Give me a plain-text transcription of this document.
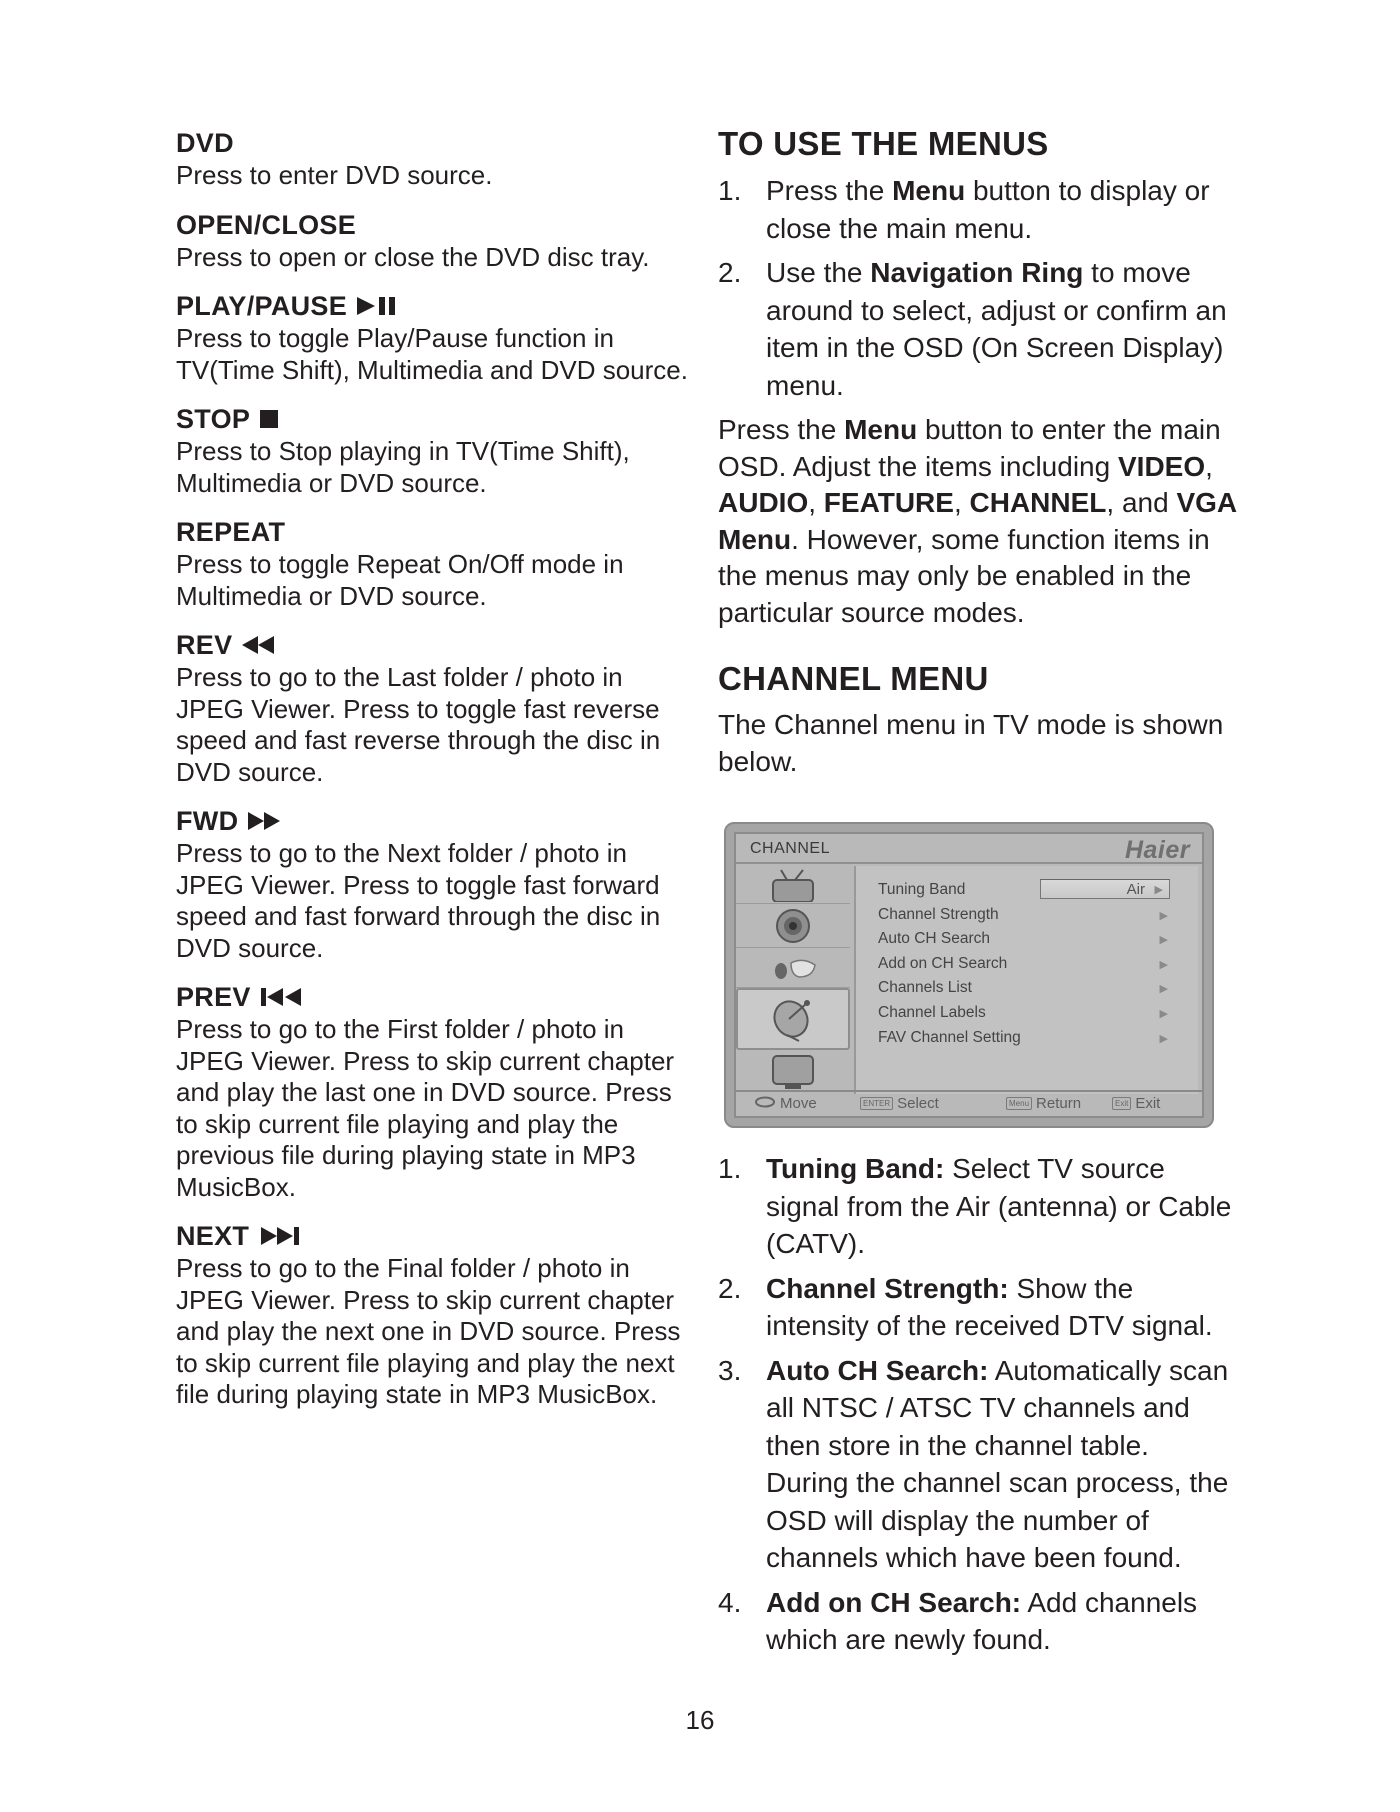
DVD
Press to enter DVD source.
OPEN/CLOSE
Press to open or close the DVD disc tray.
PLAY/PAUSE
Press to toggle Play/Pause function in TV(Time Shift), Multimedia and DVD source.
STOP
Press to Stop playing in TV(Time Shift), Multimedia or DVD source.
REPEAT
Press to toggle Repeat On/Off mode in Multimedia or DVD source.
REV
Press to go to the Last folder / photo in JPEG Viewer. Press to toggle fast reverse speed and fast reverse through the disc in DVD source.
FWD
Press to go to the Next folder / photo in JPEG Viewer. Press to toggle fast forward speed and fast forward through the disc in DVD source.
PREV
Press to go to the First folder / photo in JPEG Viewer. Press to skip current chapter and play the last one in DVD source. Press to skip current file playing and play the previous file during playing state in MP3 MusicBox.
NEXT
Press to go to the Final folder / photo in JPEG Viewer. Press to skip current chapter and play the next one in DVD source. Press to skip current file playing and play the next file during playing state in MP3 MusicBox.
TO USE THE MENUS
1. Press the Menu button to display or close the main menu.
2. Use the Navigation Ring to move around to select, adjust or confirm an item in the OSD (On Screen Display) menu.

Press the Menu button to enter the main OSD. Adjust the items including VIDEO, AUDIO, FEATURE, CHANNEL, and VGA Menu. However, some function items in the menus may only be enabled in the particular source modes.

CHANNEL MENU

The Channel menu in TV mode is shown below.

CHANNEL	Haier
Air ▶
Tuning Band
Channel Strength	▶
Auto CH Search	▶
Add on CH Search	▶
Channels List	▶
Channel Labels	▶
FAV Channel Setting	▶
Move	ENTER Select	Menu Return	Exit Exit
1. Tuning Band: Select TV source signal from the Air (antenna) or Cable (CATV).
2. Channel Strength: Show the intensity of the received DTV signal.
3. Auto CH Search: Automatically scan all NTSC / ATSC TV channels and then store in the channel table. During the channel scan process, the OSD will display the number of channels which have been found.
4. Add on CH Search: Add channels which are newly found.
16
